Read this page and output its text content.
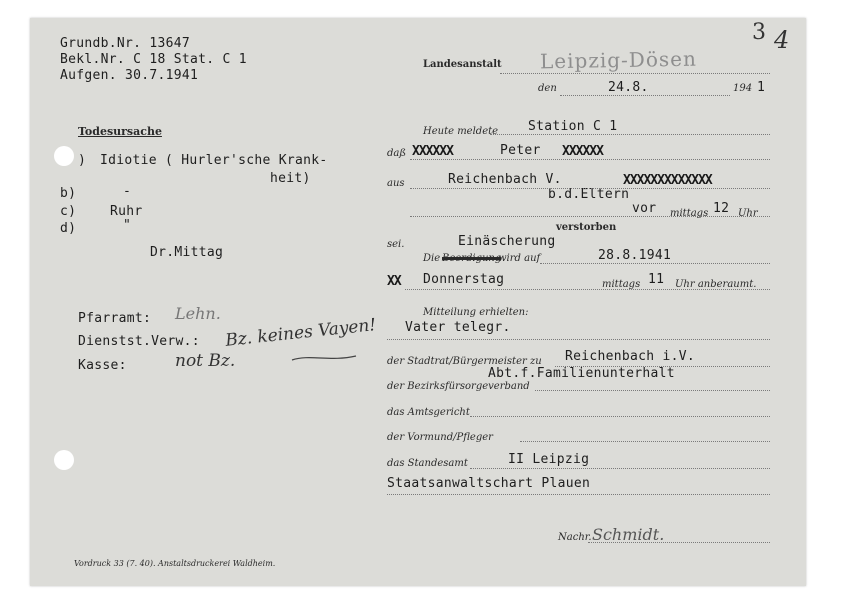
Grundb.Nr. 13647
Bekl.Nr. C 18 Stat. C 1
Aufgen. 30.7.1941
3 4
Landesanstalt Leipzig-Dösen
den	24.8.	194 1
Todesursache
) Idiotie ( Hurler'sche Krank-
heit)
b)	-
c)	Ruhr
d)	"
Dr.Mittag
Pfarramt: Lehn.
Dienstst.Verw.: Bz. keines Vayen!
Kasse:	not Bz.
Heute meldete Station C 1
daß XXXXXX	Peter XXXXXX
aus	Reichenbach V.	XXXXXXXXXXXXX
b.d.Eltern
vor mittags 12 Uhr
verstorben
sei.	Einäscherung
Die Beerdigung
wird auf	28.8.1941
XX Donnerstag	mittags 11 Uhr anberaumt.
Mitteilung erhielten:
Vater telegr.
der Stadtrat/Bürgermeister zu Reichenbach i.V.
der Bezirksfürsorgeverband
Abt.f.Familienunterhalt
das Amtsgericht
der Vormund/Pfleger
das Standesamt	II Leipzig
Staatsanwaltschart Plauen
Nachr. Schmidt.
Vordruck 33 (7. 40). Anstaltsdruckerei Waldheim.
